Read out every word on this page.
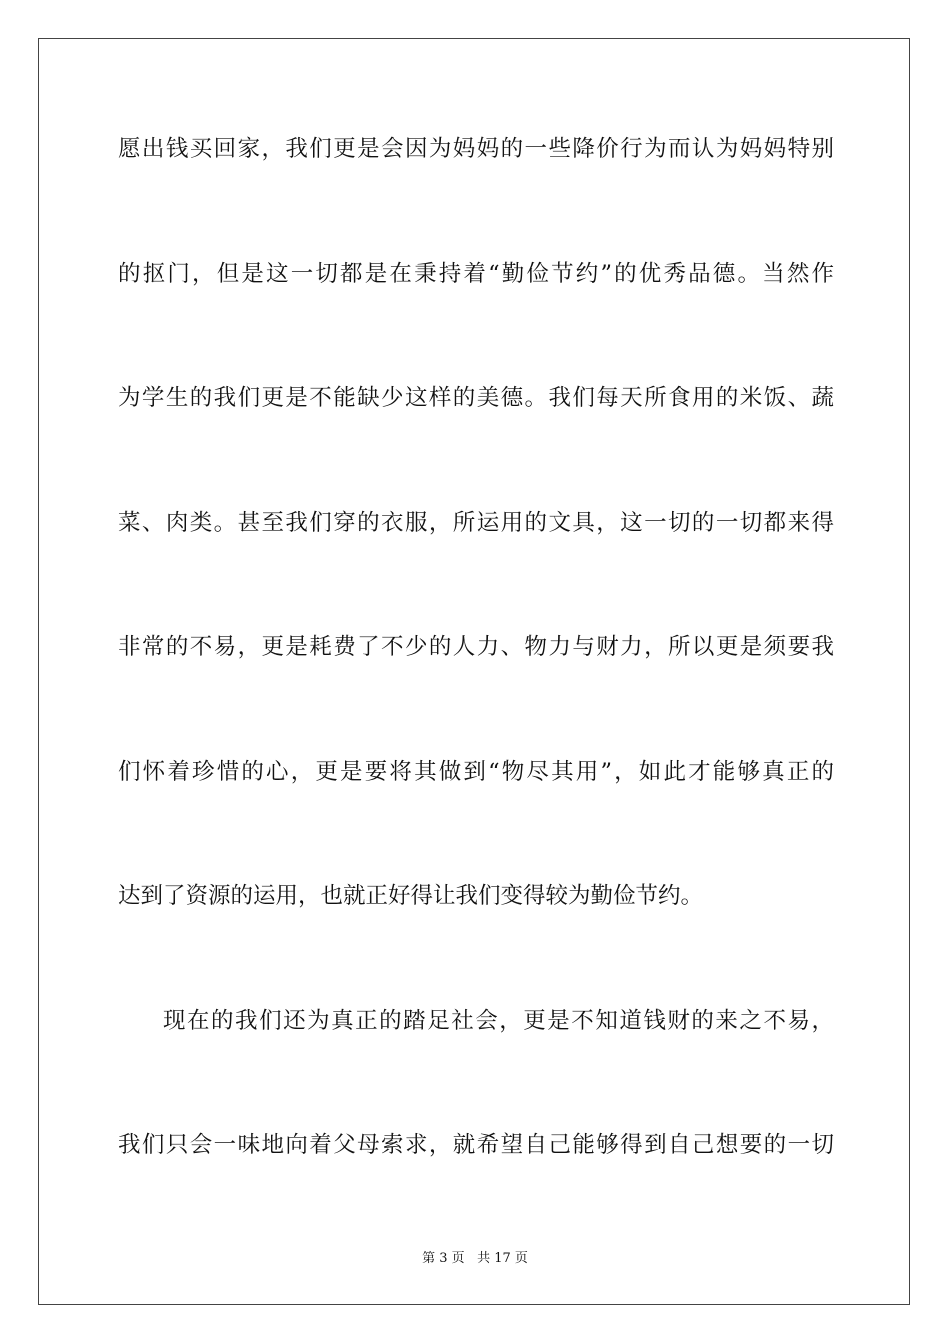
愿出钱买回家，我们更是会因为妈妈的一些降价行为而认为妈妈特别
的抠门，但是这一切都是在秉持着“勤俭节约”的优秀品德。当然作
为学生的我们更是不能缺少这样的美德。我们每天所食用的米饭、蔬
菜、肉类。甚至我们穿的衣服，所运用的文具，这一切的一切都来得
非常的不易，更是耗费了不少的人力、物力与财力，所以更是须要我
们怀着珍惜的心，更是要将其做到“物尽其用”，如此才能够真正的
达到了资源的运用，也就正好得让我们变得较为勤俭节约。
现在的我们还为真正的踏足社会，更是不知道钱财的来之不易，
我们只会一味地向着父母索求，就希望自己能够得到自己想要的一切
第 3 页 共 17 页
